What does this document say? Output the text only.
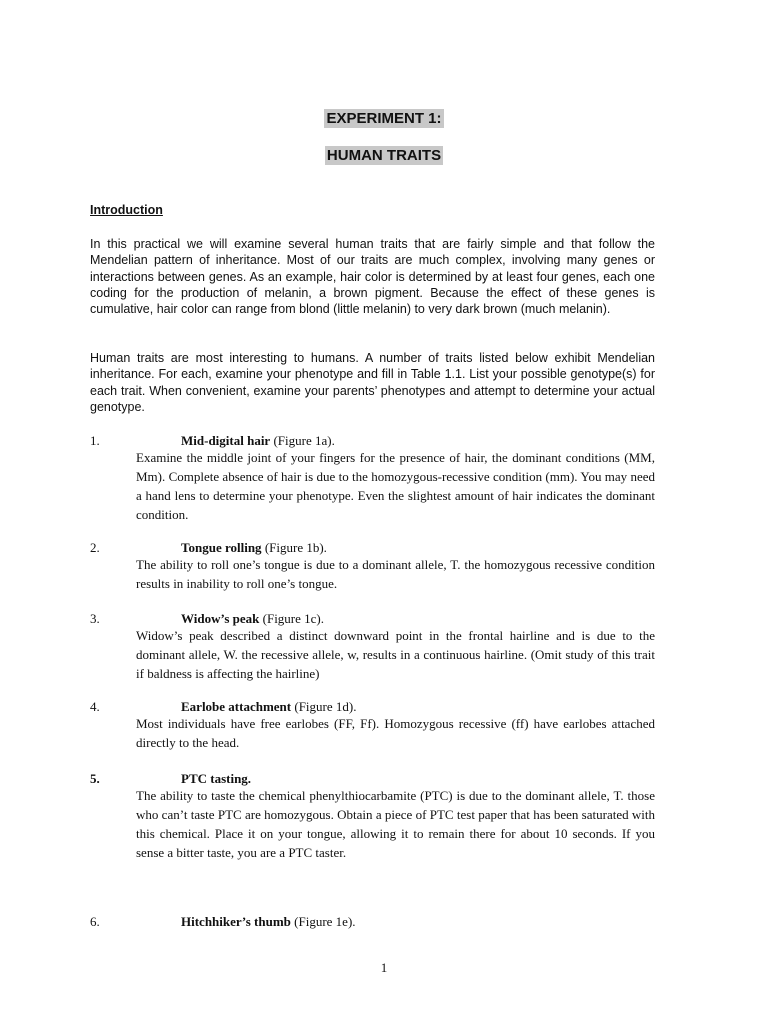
EXPERIMENT 1:
HUMAN TRAITS
Introduction

In this practical we will examine several human traits that are fairly simple and that follow the Mendelian pattern of inheritance. Most of our traits are much complex, involving many genes or interactions between genes. As an example, hair color is determined by at least four genes, each one coding for the production of melanin, a brown pigment. Because the effect of these genes is cumulative, hair color can range from blond (little melanin) to very dark brown (much melanin).

Human traits are most interesting to humans. A number of traits listed below exhibit Mendelian inheritance. For each, examine your phenotype and fill in Table 1.1. List your possible genotype(s) for each trait. When convenient, examine your parents’ phenotypes and attempt to determine your actual genotype.

1.	Mid-digital hair (Figure 1a).

Examine the middle joint of your fingers for the presence of hair, the dominant conditions (MM, Mm). Complete absence of hair is due to the homozygous-recessive condition (mm). You may need a hand lens to determine your phenotype. Even the slightest amount of hair indicates the dominant condition.

2.	Tongue rolling (Figure 1b).

The ability to roll one’s tongue is due to a dominant allele, T. the homozygous recessive condition results in inability to roll one’s tongue.

3.	Widow’s peak (Figure 1c).

Widow’s peak described a distinct downward point in the frontal hairline and is due to the dominant allele, W. the recessive allele, w, results in a continuous hairline. (Omit study of this trait if baldness is affecting the hairline)

4.	Earlobe attachment (Figure 1d).

Most individuals have free earlobes (FF, Ff). Homozygous recessive (ff) have earlobes attached directly to the head.

5.	PTC tasting.

The ability to taste the chemical phenylthiocarbamite (PTC) is due to the dominant allele, T. those who can’t taste PTC are homozygous. Obtain a piece of PTC test paper that has been saturated with this chemical. Place it on your tongue, allowing it to remain there for about 10 seconds. If you sense a bitter taste, you are a PTC taster.

6.	Hitchhiker’s thumb (Figure 1e).
1
